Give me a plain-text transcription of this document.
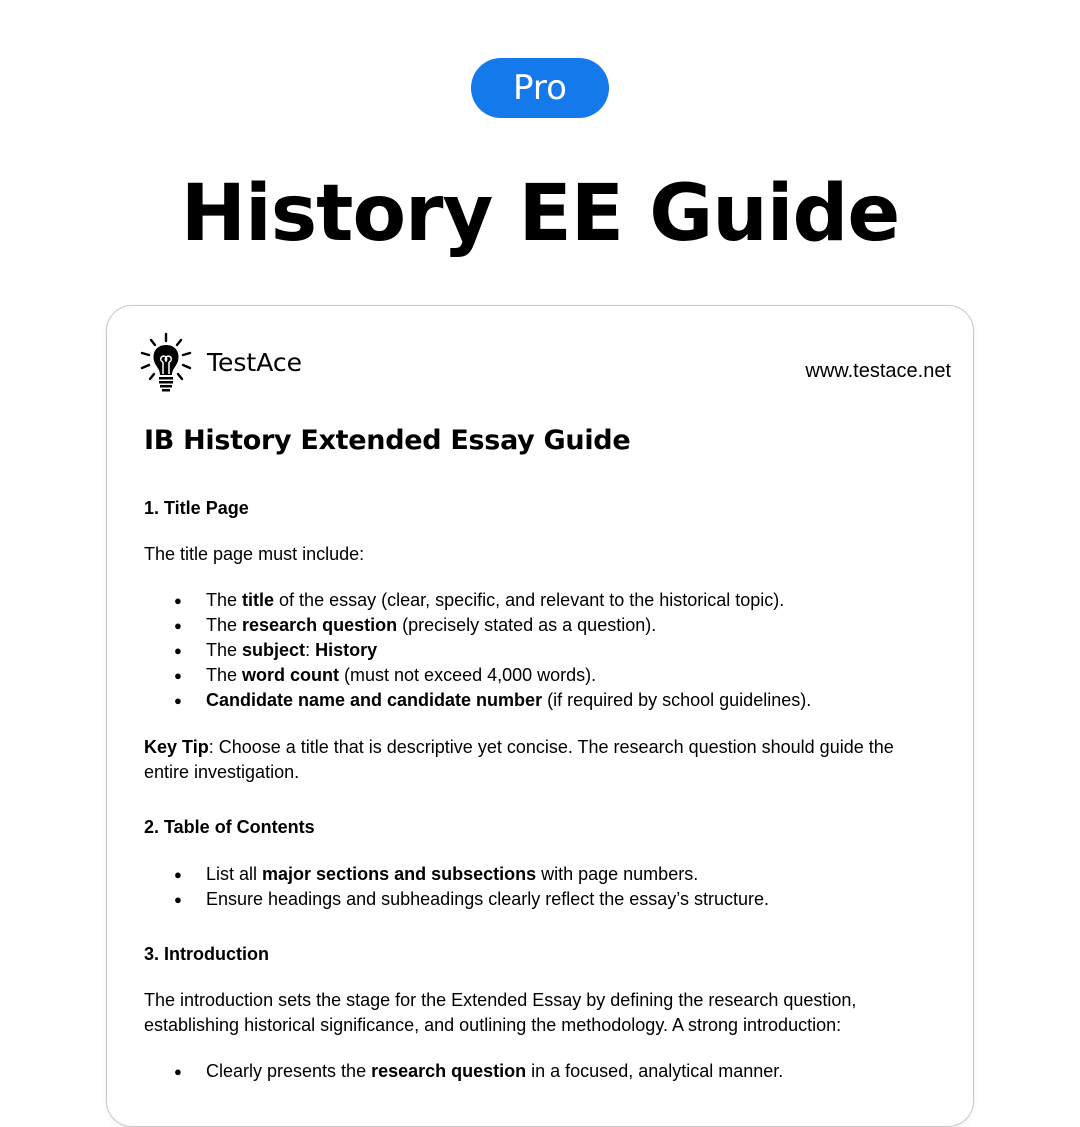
Pro
History EE Guide
TestAce	www.testace.net
IB History Extended Essay Guide
1. Title Page
The title page must include:
● The title of the essay (clear, specific, and relevant to the historical topic).
● The research question (precisely stated as a question).
● The subject: History
● The word count (must not exceed 4,000 words).
● Candidate name and candidate number (if required by school guidelines).
Key Tip: Choose a title that is descriptive yet concise. The research question should guide the
entire investigation.
2. Table of Contents
● List all major sections and subsections with page numbers.
● Ensure headings and subheadings clearly reflect the essay’s structure.
3. Introduction
The introduction sets the stage for the Extended Essay by defining the research question,
establishing historical significance, and outlining the methodology. A strong introduction:
● Clearly presents the research question in a focused, analytical manner.
